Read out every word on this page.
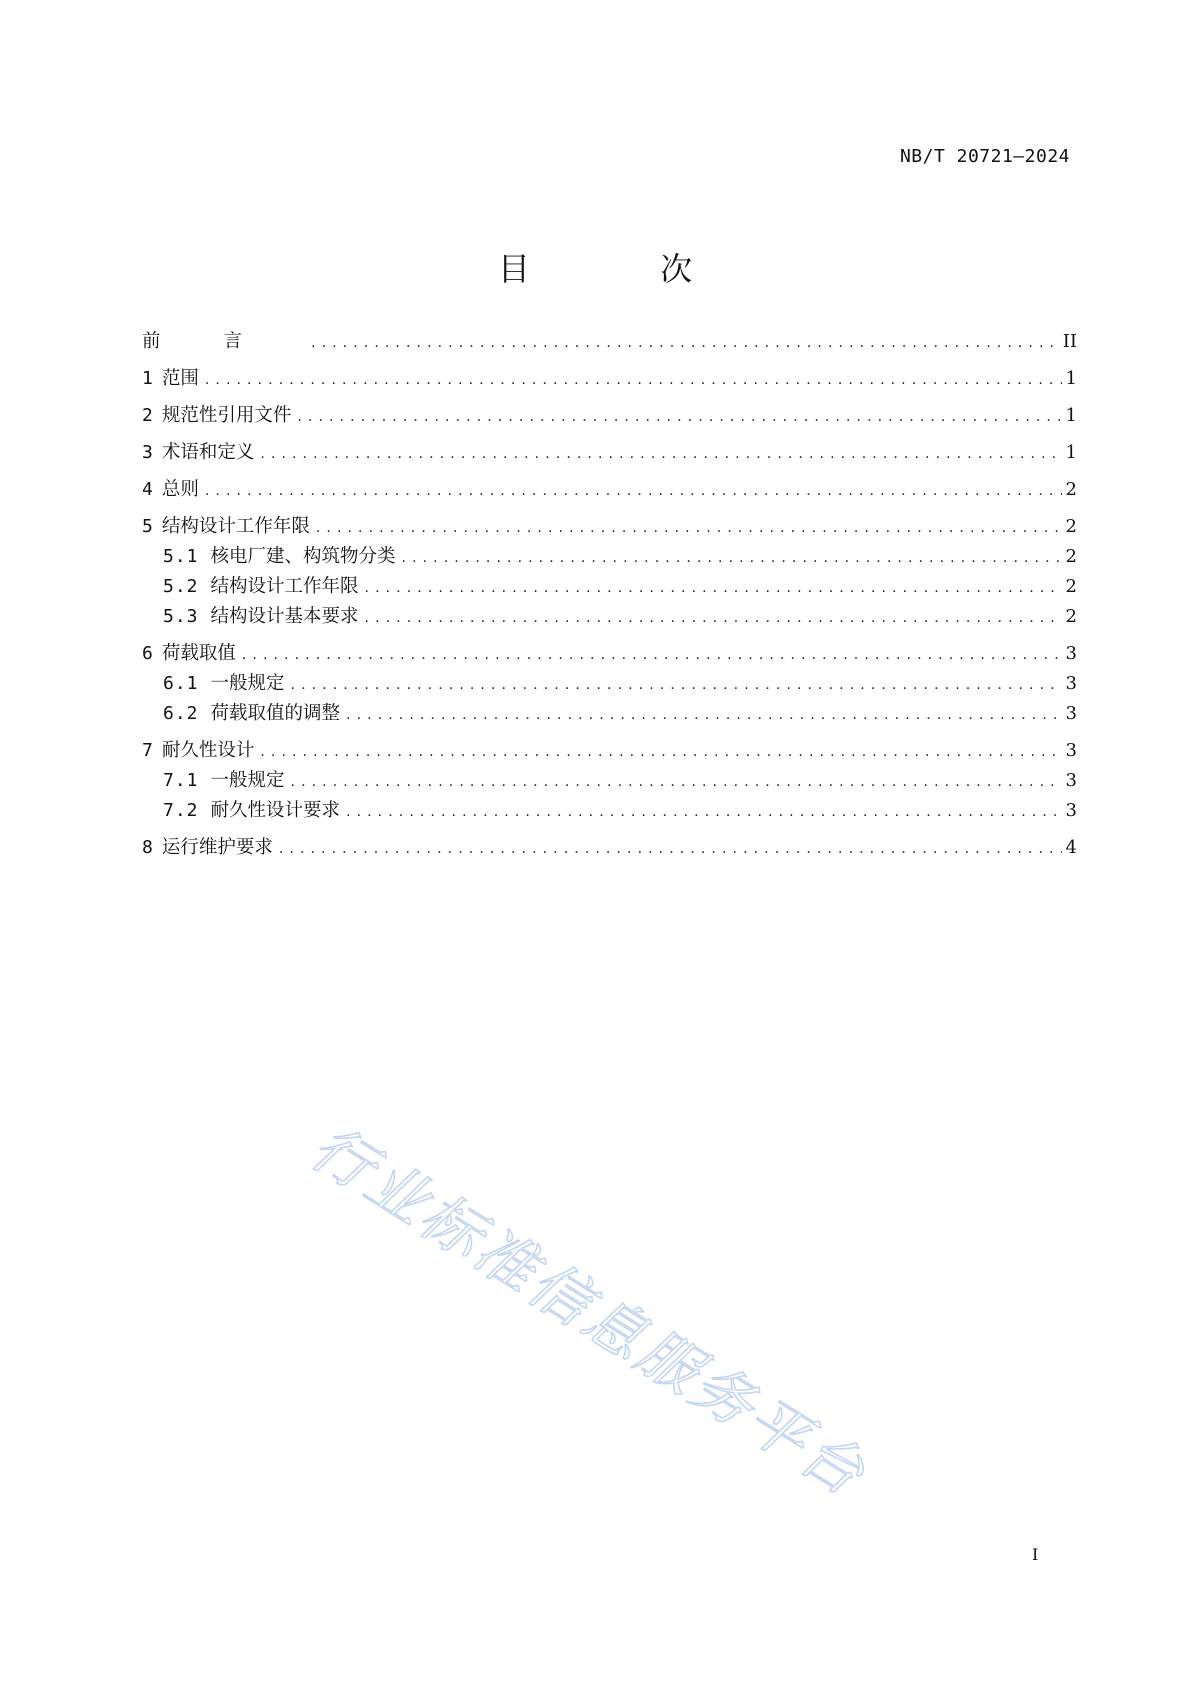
NB/T 20721—2024
目 次
前言 .....	II
1 范围 .....	1
2 规范性引用文件 .....	1
3 术语和定义 .....	1
4 总则 .....	2
5 结构设计工作年限 .....	2
5.1 核电厂建、构筑物分类 .....	2
5.2 结构设计工作年限 .....	2
5.3 结构设计基本要求 .....	2
6 荷载取值 .....	3
6.1 一般规定 .....	3
6.2 荷载取值的调整 .....	3
7 耐久性设计 .....	3
7.1 一般规定 .....	3
7.2 耐久性设计要求 .....	3
8 运行维护要求 .....	4
行业标准信息服务平台
I
